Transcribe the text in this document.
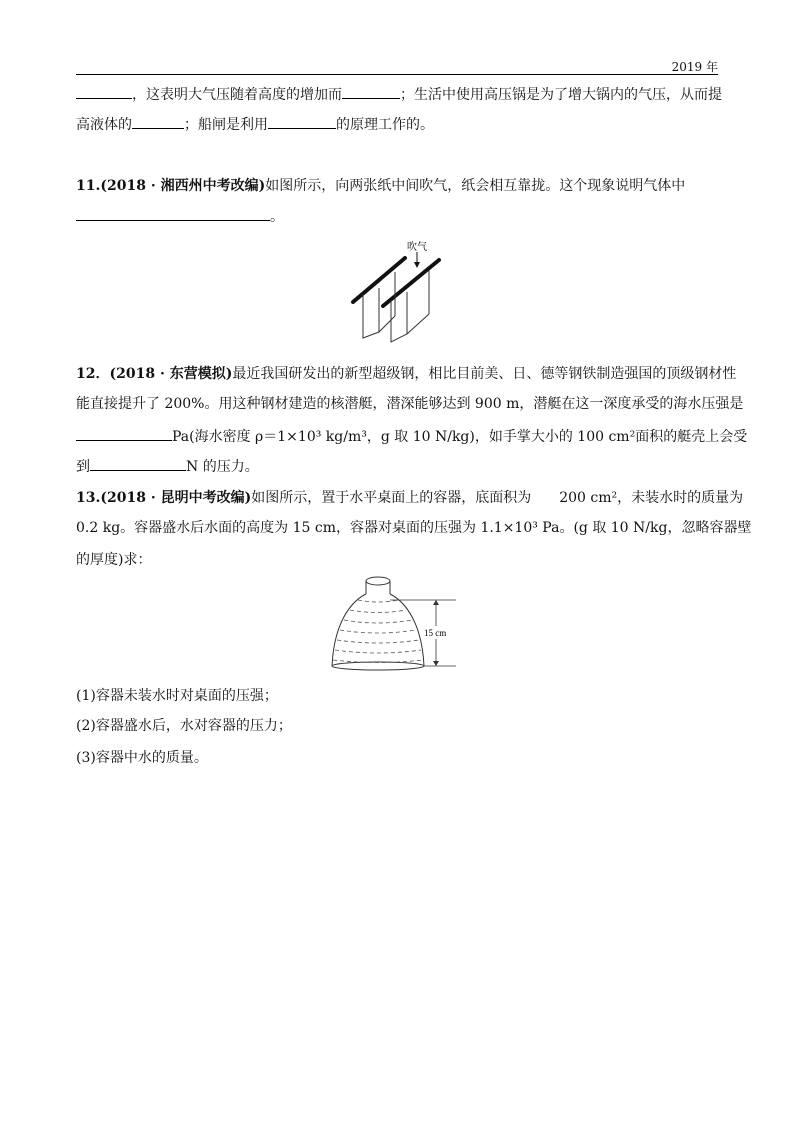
2019 年
，这表明大气压随着高度的增加而	；生活中使用高压锅是为了增大锅内的气压，从而提
高液体的	；船闸是利用	的原理工作的。
11.(2018 · 湘西州中考改编)如图所示，向两张纸中间吹气，纸会相互靠拢。这个现象说明气体中
。
吹气
12．(2018 · 东营模拟)最近我国研发出的新型超级钢，相比目前美、日、德等钢铁制造强国的顶级钢材性
能直接提升了 200%。用这种钢材建造的核潜艇，潜深能够达到 900 m，潜艇在这一深度承受的海水压强是
Pa(海水密度 ρ＝1×10³ kg/m³，g 取 10 N/kg)，如手掌大小的 100 cm²面积的艇壳上会受
到	N 的压力。
13.(2018 · 昆明中考改编)如图所示，置于水平桌面上的容器，底面积为　　200 cm²，未装水时的质量为
0.2 kg。容器盛水后水面的高度为 15 cm，容器对桌面的压强为 1.1×10³ Pa。(g 取 10 N/kg，忽略容器壁
的厚度)求：
15 cm
(1)容器未装水时对桌面的压强；
(2)容器盛水后，水对容器的压力；
(3)容器中水的质量。
